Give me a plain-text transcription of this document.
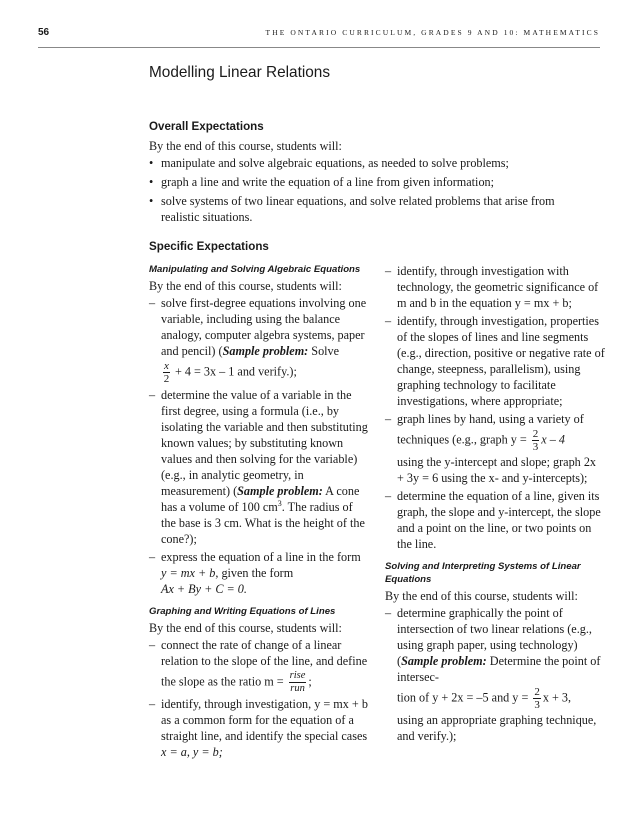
56	THE ONTARIO CURRICULUM, GRADES 9 AND 10: MATHEMATICS
Modelling Linear Relations
Overall Expectations
By the end of this course, students will:
• manipulate and solve algebraic equations, as needed to solve problems;
• graph a line and write the equation of a line from given information;
• solve systems of two linear equations, and solve related problems that arise from realistic situations.
Specific Expectations
Manipulating and Solving Algebraic Equations
By the end of this course, students will:
– solve first-degree equations involving one variable, including using the balance analogy, computer algebra systems, paper and pencil) (Sample problem: Solve
$\frac{x}{2} + 4 = 3x - 1$ and verify.);
– determine the value of a variable in the first degree, using a formula (i.e., by isolating the variable and then substituting known values; by substituting known values and then solving for the variable) (e.g., in analytic geometry, in measurement) (Sample problem: A cone has a volume of 100 $cm^3$. The radius of the base is 3 cm. What is the height of the cone?);
– express the equation of a line in the form
y = mx + b, given the form
Ax + By + C = 0.
Graphing and Writing Equations of Lines
By the end of this course, students will:
– connect the rate of change of a linear relation to the slope of the line, and define
the slope as the ratio $m = \frac{\text{rise}}{\text{run}}$ ;
– identify, through investigation, y = mx + b as a common form for the equation of a straight line, and identify the special cases
x = a, y = b;
– identify, through investigation with technology, the geometric significance of m and b in the equation y = mx + b;
– identify, through investigation, properties of the slopes of lines and line segments (e.g., direction, positive or negative rate of change, steepness, parallelism), using graphing technology to facilitate investigations, where appropriate;
– graph lines by hand, using a variety of
techniques (e.g., graph $y = \frac{2}{3}$ x – 4
using the y-intercept and slope; graph 2x + 3y = 6 using the x- and y-intercepts);
– determine the equation of a line, given its graph, the slope and y-intercept, the slope and a point on the line, or two points on the line.
Solving and Interpreting Systems of Linear Equations
By the end of this course, students will:
– determine graphically the point of intersection of two linear relations (e.g., using graph paper, using technology) (Sample problem: Determine the point of intersec-
tion of y + 2x = –5 and $y = \frac{2}{3}$ x + 3,
using an appropriate graphing technique, and verify.);
